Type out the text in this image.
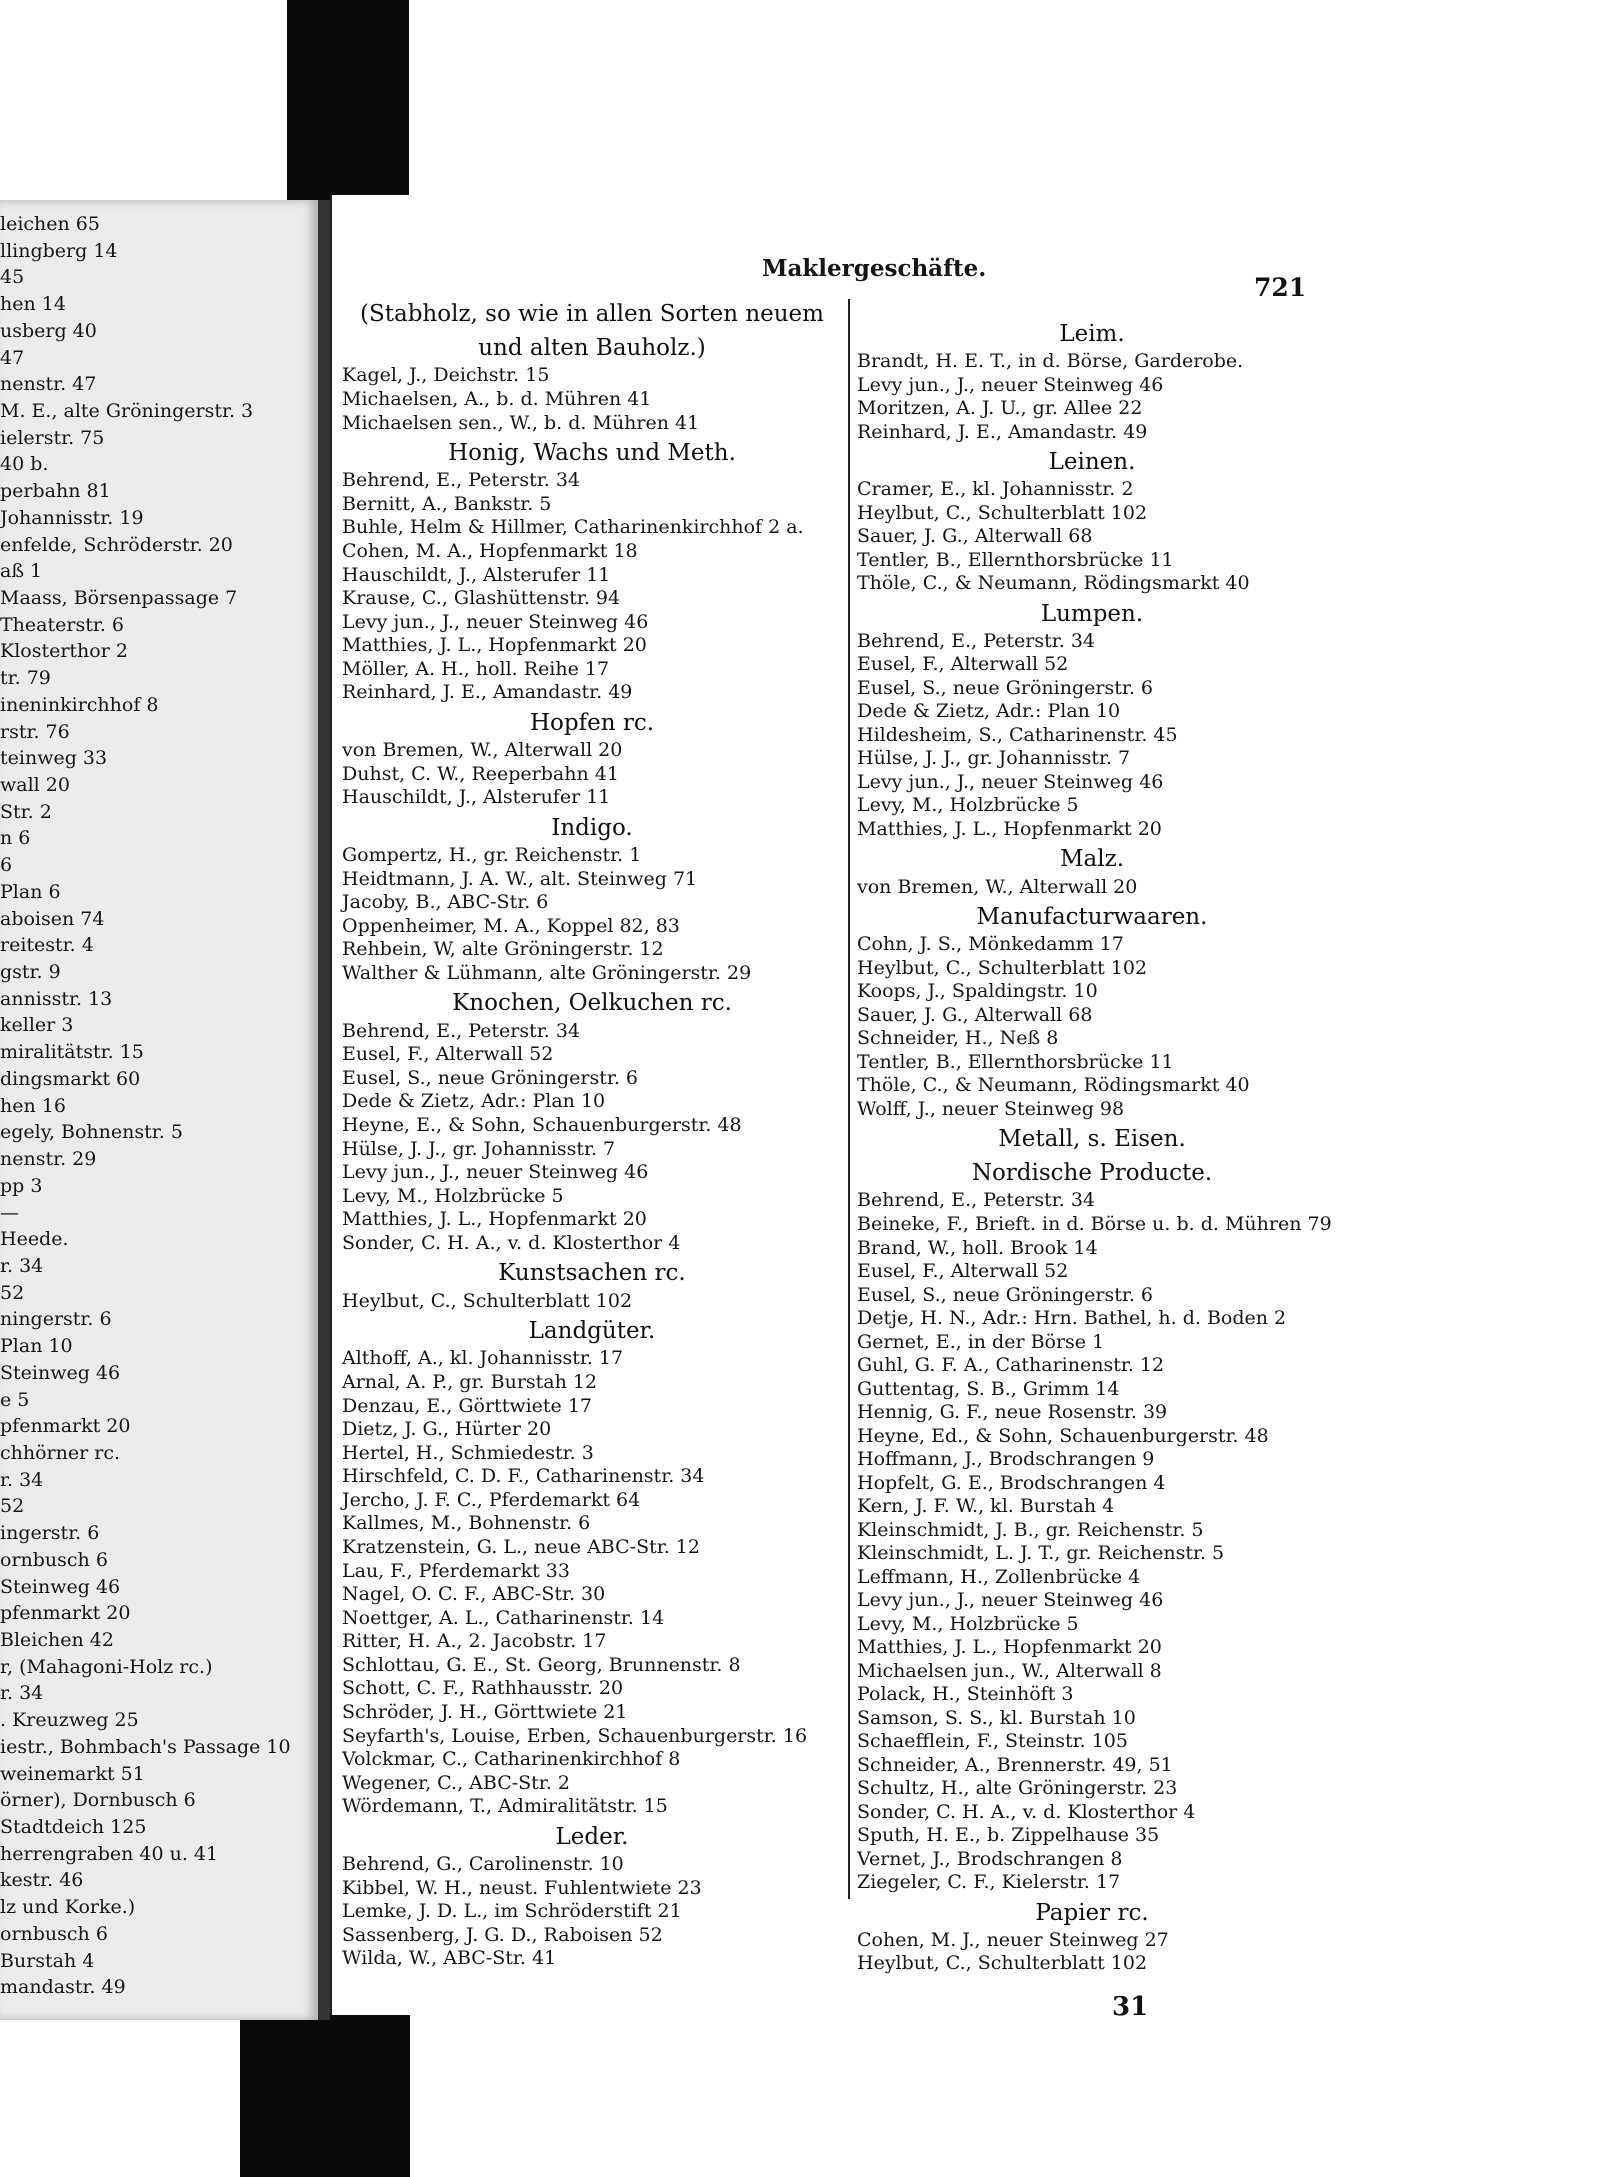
leichen 65
llingberg 14
45
hen 14
usberg 40
47
nenstr. 47
M. E., alte Gröningerstr. 3
ielerstr. 75
40 b.
perbahn 81
Johannisstr. 19
enfelde, Schröderstr. 20
aß 1
Maass, Börsenpassage 7
Theaterstr. 6
Klosterthor 2
tr. 79
ineninkirchhof 8
rstr. 76
teinweg 33
wall 20
Str. 2
n 6
6
Plan 6
aboisen 74
reitestr. 4
gstr. 9
annisstr. 13
keller 3
miralitätstr. 15
dingsmarkt 60
hen 16
egely, Bohnenstr. 5
nenstr. 29
pp 3
—
Heede.
r. 34
52
ningerstr. 6
Plan 10
Steinweg 46
e 5
pfenmarkt 20
chhörner rc.
r. 34
52
ingerstr. 6
ornbusch 6
Steinweg 46
pfenmarkt 20
Bleichen 42
r, (Mahagoni-Holz rc.)
r. 34
. Kreuzweg 25
iestr., Bohmbach's Passage 10
weinemarkt 51
örner), Dornbusch 6
Stadtdeich 125
herrengraben 40 u. 41
kestr. 46
lz und Korke.)
ornbusch 6
Burstah 4
mandastr. 49
Maklergeschäfte.
721
31
(Stabholz, so wie in allen Sorten neuem
und alten Bauholz.)
Kagel, J., Deichstr. 15
Michaelsen, A., b. d. Mühren 41
Michaelsen sen., W., b. d. Mühren 41
Honig, Wachs und Meth.
Behrend, E., Peterstr. 34
Bernitt, A., Bankstr. 5
Buhle, Helm & Hillmer, Catharinenkirchhof 2 a.
Cohen, M. A., Hopfenmarkt 18
Hauschildt, J., Alsterufer 11
Krause, C., Glashüttenstr. 94
Levy jun., J., neuer Steinweg 46
Matthies, J. L., Hopfenmarkt 20
Möller, A. H., holl. Reihe 17
Reinhard, J. E., Amandastr. 49
Hopfen rc.
von Bremen, W., Alterwall 20
Duhst, C. W., Reeperbahn 41
Hauschildt, J., Alsterufer 11
Indigo.
Gompertz, H., gr. Reichenstr. 1
Heidtmann, J. A. W., alt. Steinweg 71
Jacoby, B., ABC-Str. 6
Oppenheimer, M. A., Koppel 82, 83
Rehbein, W, alte Gröningerstr. 12
Walther & Lühmann, alte Gröningerstr. 29
Knochen, Oelkuchen rc.
Behrend, E., Peterstr. 34
Eusel, F., Alterwall 52
Eusel, S., neue Gröningerstr. 6
Dede & Zietz, Adr.: Plan 10
Heyne, E., & Sohn, Schauenburgerstr. 48
Hülse, J. J., gr. Johannisstr. 7
Levy jun., J., neuer Steinweg 46
Levy, M., Holzbrücke 5
Matthies, J. L., Hopfenmarkt 20
Sonder, C. H. A., v. d. Klosterthor 4
Kunstsachen rc.
Heylbut, C., Schulterblatt 102
Landgüter.
Althoff, A., kl. Johannisstr. 17
Arnal, A. P., gr. Burstah 12
Denzau, E., Görttwiete 17
Dietz, J. G., Hürter 20
Hertel, H., Schmiedestr. 3
Hirschfeld, C. D. F., Catharinenstr. 34
Jercho, J. F. C., Pferdemarkt 64
Kallmes, M., Bohnenstr. 6
Kratzenstein, G. L., neue ABC-Str. 12
Lau, F., Pferdemarkt 33
Nagel, O. C. F., ABC-Str. 30
Noettger, A. L., Catharinenstr. 14
Ritter, H. A., 2. Jacobstr. 17
Schlottau, G. E., St. Georg, Brunnenstr. 8
Schott, C. F., Rathhausstr. 20
Schröder, J. H., Görttwiete 21
Seyfarth's, Louise, Erben, Schauenburgerstr. 16
Volckmar, C., Catharinenkirchhof 8
Wegener, C., ABC-Str. 2
Wördemann, T., Admiralitätstr. 15
Leder.
Behrend, G., Carolinenstr. 10
Kibbel, W. H., neust. Fuhlentwiete 23
Lemke, J. D. L., im Schröderstift 21
Sassenberg, J. G. D., Raboisen 52
Wilda, W., ABC-Str. 41
Leim.
Brandt, H. E. T., in d. Börse, Garderobe.
Levy jun., J., neuer Steinweg 46
Moritzen, A. J. U., gr. Allee 22
Reinhard, J. E., Amandastr. 49
Leinen.
Cramer, E., kl. Johannisstr. 2
Heylbut, C., Schulterblatt 102
Sauer, J. G., Alterwall 68
Tentler, B., Ellernthorsbrücke 11
Thöle, C., & Neumann, Rödingsmarkt 40
Lumpen.
Behrend, E., Peterstr. 34
Eusel, F., Alterwall 52
Eusel, S., neue Gröningerstr. 6
Dede & Zietz, Adr.: Plan 10
Hildesheim, S., Catharinenstr. 45
Hülse, J. J., gr. Johannisstr. 7
Levy jun., J., neuer Steinweg 46
Levy, M., Holzbrücke 5
Matthies, J. L., Hopfenmarkt 20
Malz.
von Bremen, W., Alterwall 20
Manufacturwaaren.
Cohn, J. S., Mönkedamm 17
Heylbut, C., Schulterblatt 102
Koops, J., Spaldingstr. 10
Sauer, J. G., Alterwall 68
Schneider, H., Neß 8
Tentler, B., Ellernthorsbrücke 11
Thöle, C., & Neumann, Rödingsmarkt 40
Wolff, J., neuer Steinweg 98
Metall, s. Eisen.
Nordische Producte.
Behrend, E., Peterstr. 34
Beineke, F., Brieft. in d. Börse u. b. d. Mühren 79
Brand, W., holl. Brook 14
Eusel, F., Alterwall 52
Eusel, S., neue Gröningerstr. 6
Detje, H. N., Adr.: Hrn. Bathel, h. d. Boden 2
Gernet, E., in der Börse 1
Guhl, G. F. A., Catharinenstr. 12
Guttentag, S. B., Grimm 14
Hennig, G. F., neue Rosenstr. 39
Heyne, Ed., & Sohn, Schauenburgerstr. 48
Hoffmann, J., Brodschrangen 9
Hopfelt, G. E., Brodschrangen 4
Kern, J. F. W., kl. Burstah 4
Kleinschmidt, J. B., gr. Reichenstr. 5
Kleinschmidt, L. J. T., gr. Reichenstr. 5
Leffmann, H., Zollenbrücke 4
Levy jun., J., neuer Steinweg 46
Levy, M., Holzbrücke 5
Matthies, J. L., Hopfenmarkt 20
Michaelsen jun., W., Alterwall 8
Polack, H., Steinhöft 3
Samson, S. S., kl. Burstah 10
Schaefflein, F., Steinstr. 105
Schneider, A., Brennerstr. 49, 51
Schultz, H., alte Gröningerstr. 23
Sonder, C. H. A., v. d. Klosterthor 4
Sputh, H. E., b. Zippelhause 35
Vernet, J., Brodschrangen 8
Ziegeler, C. F., Kielerstr. 17
Papier rc.
Cohen, M. J., neuer Steinweg 27
Heylbut, C., Schulterblatt 102
